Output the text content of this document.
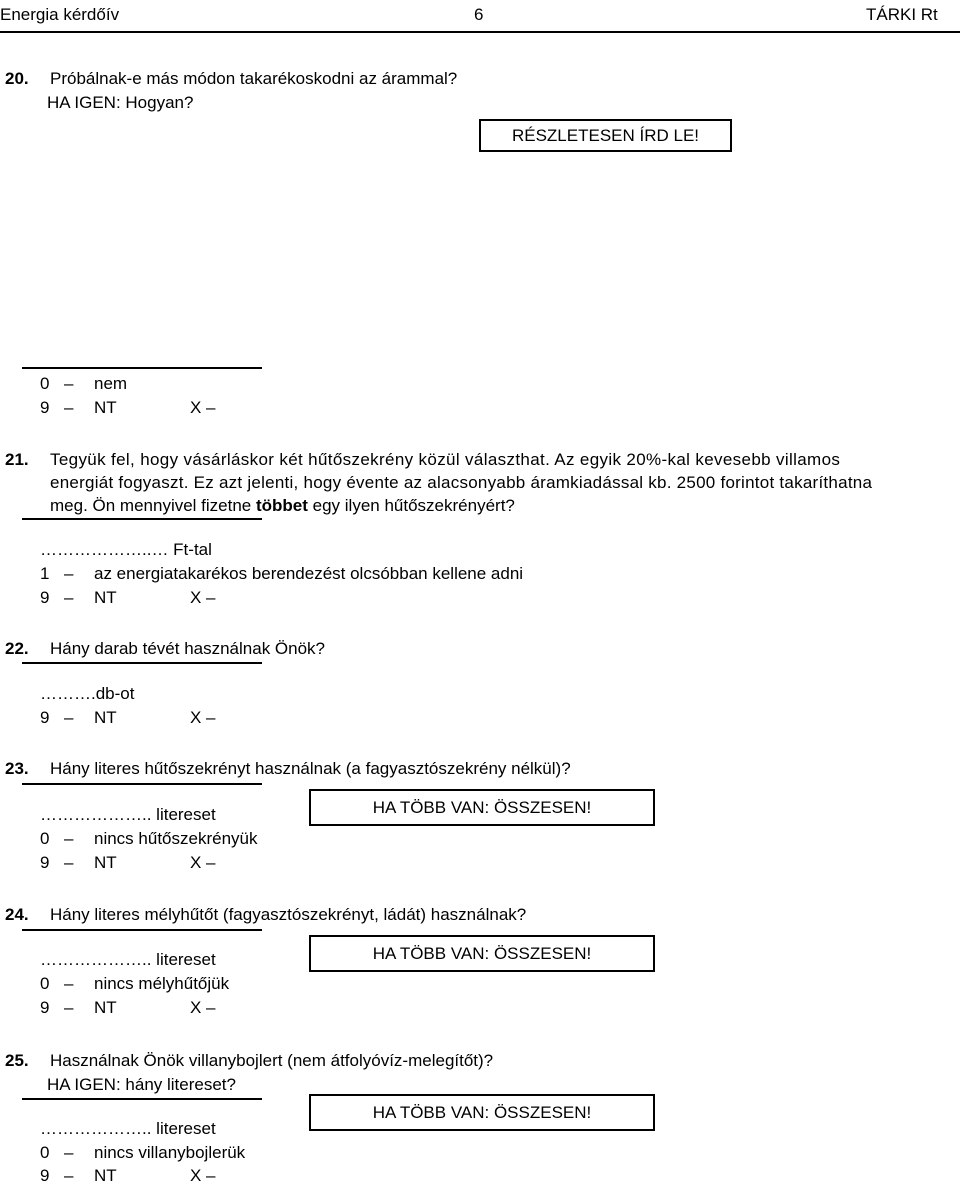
Energia kérdőív	6	TÁRKI Rt
20. Próbálnak-e más módon takarékoskodni az árammal?
HA IGEN: Hogyan?
RÉSZLETESEN ÍRD LE!
0 – nem
9 – NT	X –
21. Tegyük fel, hogy vásárláskor két hűtőszekrény közül választhat. Az egyik 20%-kal kevesebb villamos
energiát fogyaszt. Ez azt jelenti, hogy évente az alacsonyabb áramkiadással kb. 2500 forintot takaríthatna
meg. Ön mennyivel fizetne többet egy ilyen hűtőszekrényért?
………………..… Ft-tal
1 – az energiatakarékos berendezést olcsóbban kellene adni
9 – NT	X –
22. Hány darab tévét használnak Önök?
……….db-ot
9 – NT	X –
23. Hány literes hűtőszekrényt használnak (a fagyasztószekrény nélkül)?
HA TÖBB VAN: ÖSSZESEN!
……………….. litereset
0 – nincs hűtőszekrényük
9 – NT	X –
24. Hány literes mélyhűtőt (fagyasztószekrényt, ládát) használnak?
HA TÖBB VAN: ÖSSZESEN!
……………….. litereset
0 – nincs mélyhűtőjük
9 – NT	X –
25. Használnak Önök villanybojlert (nem átfolyóvíz-melegítőt)?
HA IGEN: hány litereset?
HA TÖBB VAN: ÖSSZESEN!
……………….. litereset
0 – nincs villanybojlerük
9 – NT	X –
